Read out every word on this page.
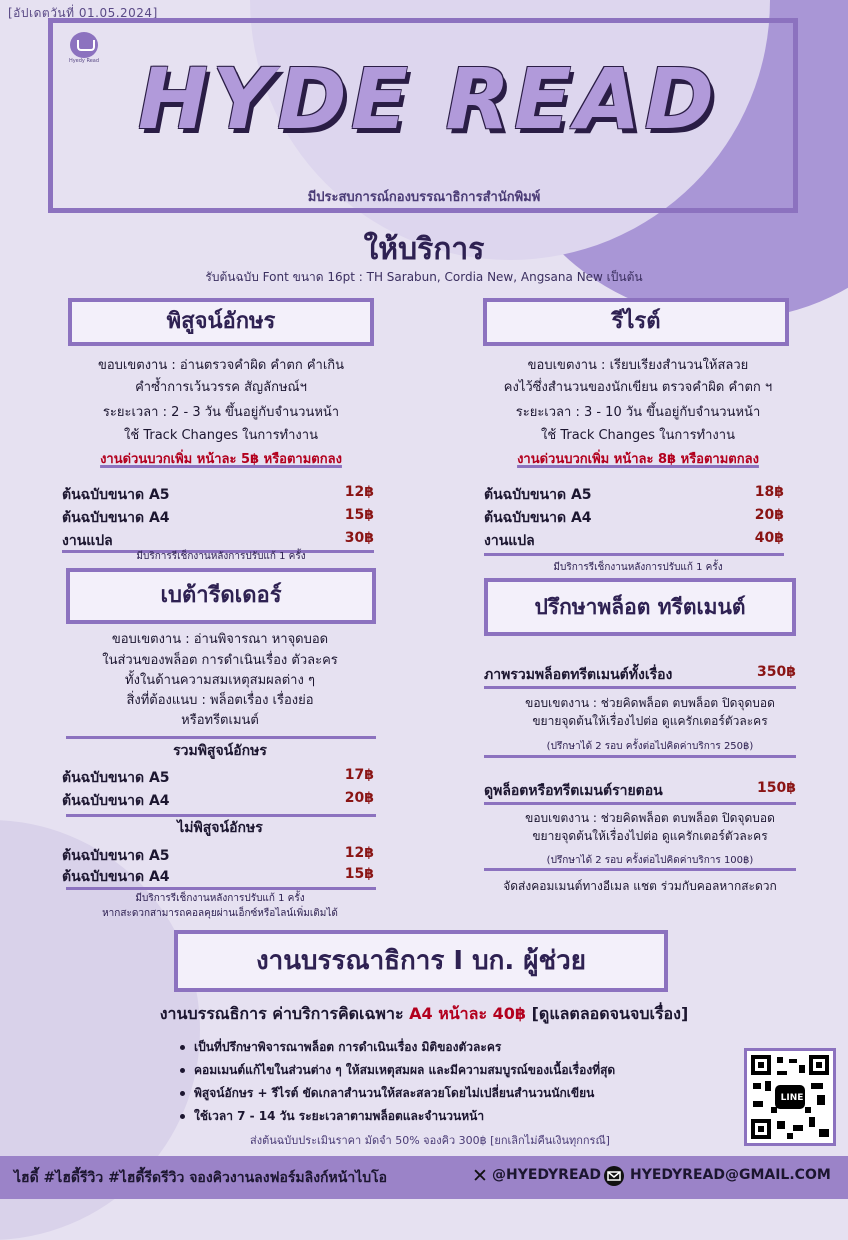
[อัปเดตวันที่ 01.05.2024]
Hyedy Read HYDE READ
มีประสบการณ์กองบรรณาธิการสำนักพิมพ์
ให้บริการ
รับต้นฉบับ Font ขนาด 16pt : TH Sarabun, Cordia New, Angsana New เป็นต้น
พิสูจน์อักษร
ขอบเขตงาน : อ่านตรวจคำผิด คำตก คำเกิน
คำซ้ำการเว้นวรรค สัญลักษณ์ฯ
ระยะเวลา : 2 - 3 วัน ขึ้นอยู่กับจำนวนหน้า
ใช้ Track Changes ในการทำงาน
งานด่วนบวกเพิ่ม หน้าละ 5฿ หรือตามตกลง
ต้นฉบับขนาด A5	12฿
ต้นฉบับขนาด A4	15฿
งานแปล	30฿
มีบริการรีเช็กงานหลังการปรับแก้ 1 ครั้ง
รีไรต์
ขอบเขตงาน : เรียบเรียงสำนวนให้สลวย
คงไว้ซึ่งสำนวนของนักเขียน ตรวจคำผิด คำตก ฯ
ระยะเวลา : 3 - 10 วัน ขึ้นอยู่กับจำนวนหน้า
ใช้ Track Changes ในการทำงาน
งานด่วนบวกเพิ่ม หน้าละ 8฿ หรือตามตกลง
ต้นฉบับขนาด A5	18฿
ต้นฉบับขนาด A4	20฿
งานแปล	40฿
มีบริการรีเช็กงานหลังการปรับแก้ 1 ครั้ง
เบต้ารีดเดอร์
ขอบเขตงาน : อ่านพิจารณา หาจุดบอด
ในส่วนของพล็อต การดำเนินเรื่อง ตัวละคร
ทั้งในด้านความสมเหตุสมผลต่าง ๆ
สิ่งที่ต้องแนบ : พล็อตเรื่อง เรื่องย่อ
หรือทรีตเมนต์
รวมพิสูจน์อักษร
ต้นฉบับขนาด A5	17฿
ต้นฉบับขนาด A4	20฿
ไม่พิสูจน์อักษร
ต้นฉบับขนาด A5	12฿
ต้นฉบับขนาด A4	15฿
มีบริการรีเช็กงานหลังการปรับแก้ 1 ครั้ง
หากสะดวกสามารถคอลคุยผ่านเอ็กซ์หรือไลน์เพิ่มเติมได้
ปรึกษาพล็อต ทรีตเมนต์
ภาพรวมพล็อตทรีตเมนต์ทั้งเรื่อง	350฿
ขอบเขตงาน : ช่วยคิดพล็อต ตบพล็อต ปิดจุดบอด
ขยายจุดต้นให้เรื่องไปต่อ ดูแครักเตอร์ตัวละคร
(ปรึกษาได้ 2 รอบ ครั้งต่อไปคิดค่าบริการ 250฿)
ดูพล็อตหรือทรีตเมนต์รายตอน	150฿
ขอบเขตงาน : ช่วยคิดพล็อต ตบพล็อต ปิดจุดบอด
ขยายจุดต้นให้เรื่องไปต่อ ดูแครักเตอร์ตัวละคร
(ปรึกษาได้ 2 รอบ ครั้งต่อไปคิดค่าบริการ 100฿)
จัดส่งคอมเมนต์ทางอีเมล แชต ร่วมกับคอลหากสะดวก
งานบรรณาธิการ I บก. ผู้ช่วย
งานบรรณธิการ ค่าบริการคิดเฉพาะ A4 หน้าละ 40฿ [ดูแลตลอดจนจบเรื่อง]
เป็นที่ปรึกษาพิจารณาพล็อต การดำเนินเรื่อง มิติของตัวละคร
คอมเมนต์แก้ไขในส่วนต่าง ๆ ให้สมเหตุสมผล และมีความสมบูรณ์ของเนื้อเรื่องที่สุด
พิสูจน์อักษร + รีไรต์ ขัดเกลาสำนวนให้สละสลวยโดยไม่เปลี่ยนสำนวนนักเขียน
ใช้เวลา 7 - 14 วัน ระยะเวลาตามพล็อตและจำนวนหน้า
ส่งต้นฉบับประเมินราคา มัดจำ 50% จองคิว 300฿ [ยกเลิกไม่คืนเงินทุกกรณี]
LINE
ไฮดี้ #ไฮดี้รีวิว #ไฮดี้รีดรีวิว จองคิวงานลงฟอร์มลิงก์หน้าไบโอ	✕ @HYEDYREAD HYEDYREAD@GMAIL.COM
